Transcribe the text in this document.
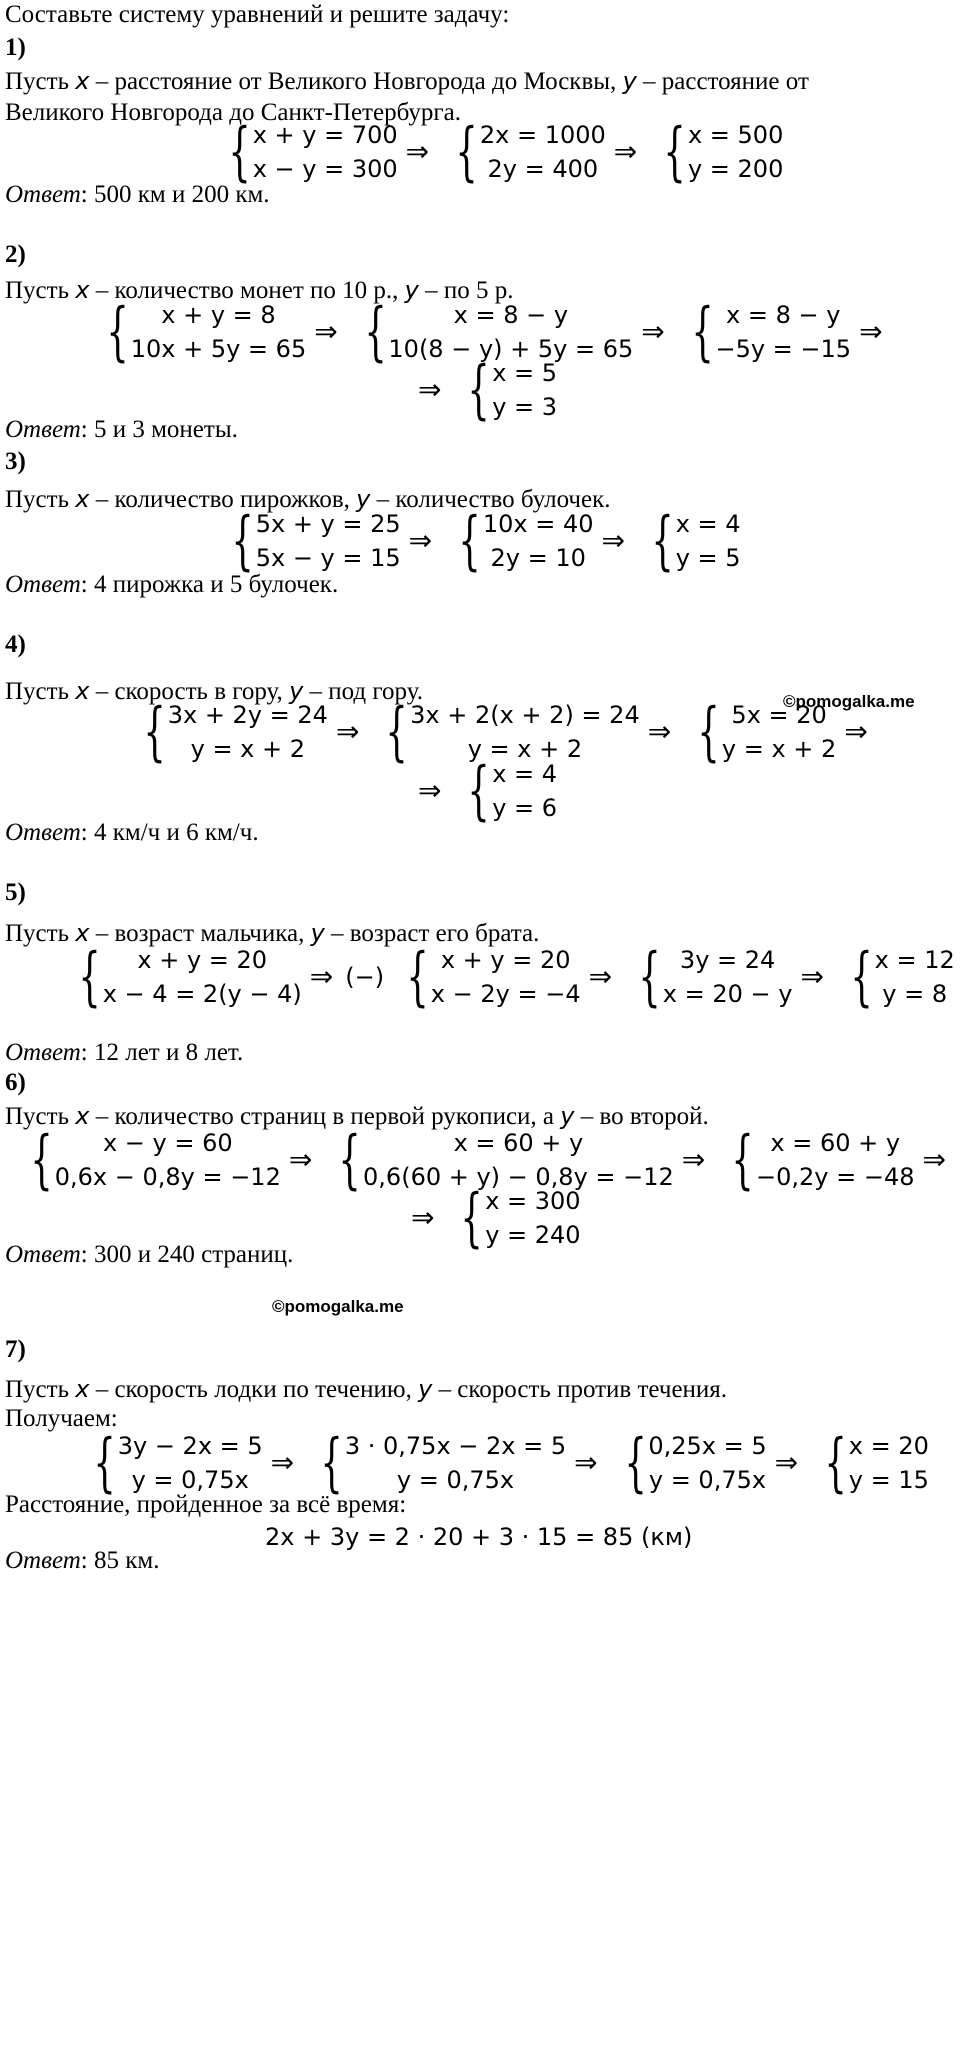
Составьте систему уравнений и решите задачу:
1)
Пусть x – расстояние от Великого Новгорода до Москвы, y – расстояние от
Великого Новгорода до Санкт-Петербурга.
{ x + y = 700
x − y = 300
⇒ { 2x = 1000
2y = 400
⇒ { x = 500
y = 200
Ответ: 500 км и 200 км.
2)
Пусть x – количество монет по 10 р., y – по 5 р.
{	x + y = 8
10x + 5y = 65
⇒ {	x = 8 − y
10(8 − y) + 5y = 65
⇒ { x = 8 − y
−5y = −15
⇒
⇒ { x = 5
y = 3
Ответ: 5 и 3 монеты.
3)
Пусть x – количество пирожков, y – количество булочек.
{ 5x + y = 25
5x − y = 15
⇒ { 10x = 40
2y = 10
⇒ { x = 4
y = 5
Ответ: 4 пирожка и 5 булочек.
4)
Пусть x – скорость в гору, y – под гору.	©pomogalka.me
{ 3x + 2y = 24
y = x + 2
⇒ { 3x + 2(x + 2) = 24
y = x + 2
⇒ { 5x = 20
y = x + 2
⇒
⇒ { x = 4
y = 6
Ответ: 4 км/ч и 6 км/ч.
5)
Пусть x – возраст мальчика, y – возраст его брата.
{	x + y = 20
x − 4 = 2(y − 4)
⇒ (−) { x + y = 20
x − 2y = −4
⇒ { 3y = 24
x = 20 − y
⇒ { x = 12
y = 8
Ответ: 12 лет и 8 лет.
6)
Пусть x – количество страниц в первой рукописи, а y – во второй.
{	x − y = 60
0,6x − 0,8y = −12
⇒ {	x = 60 + y
0,6(60 + y) − 0,8y = −12
⇒ { x = 60 + y
−0,2y = −48
⇒
⇒ { x = 300
y = 240
Ответ: 300 и 240 страниц.
©pomogalka.me
7)
Пусть x – скорость лодки по течению, y – скорость против течения.
Получаем:
{ 3y − 2x = 5
y = 0,75x
⇒ { 3 · 0,75x − 2x = 5
y = 0,75x
⇒ { 0,25x = 5
y = 0,75x
⇒ { x = 20
y = 15
Расстояние, пройденное за всё время:
2x + 3y = 2 · 20 + 3 · 15 = 85 (км)
Ответ: 85 км.
